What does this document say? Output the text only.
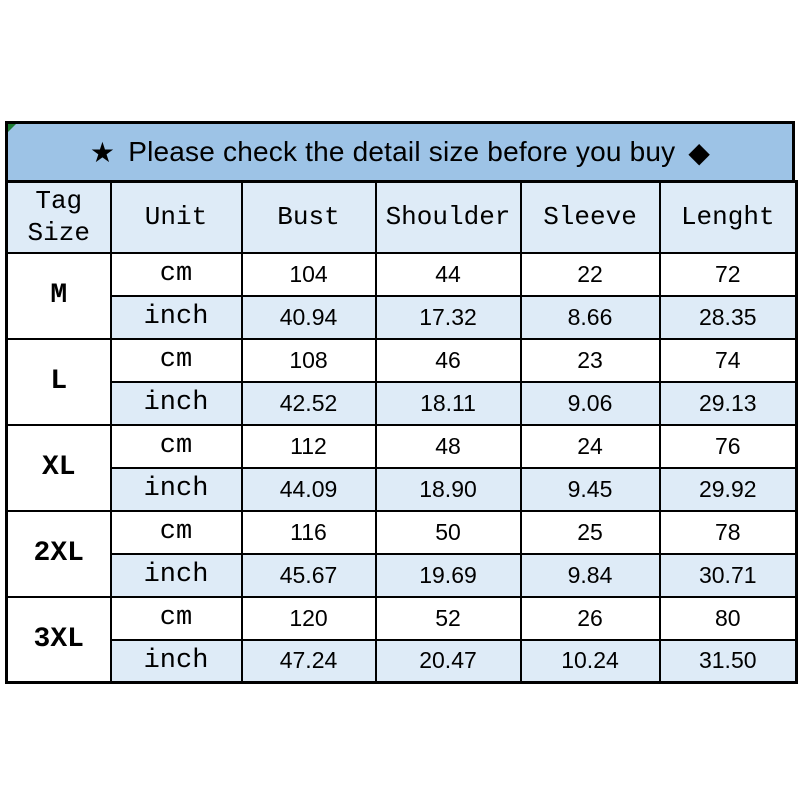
★ Please check the detail size before you buy ◆
Tag
Size	Unit	Bust	Shoulder	Sleeve	Lenght
M	cm	104	44	22	72
	inch	40.94	17.32	8.66	28.35
L	cm	108	46	23	74
	inch	42.52	18.11	9.06	29.13
XL	cm	112	48	24	76
	inch	44.09	18.90	9.45	29.92
2XL	cm	116	50	25	78
	inch	45.67	19.69	9.84	30.71
3XL	cm	120	52	26	80
	inch	47.24	20.47	10.24	31.50
